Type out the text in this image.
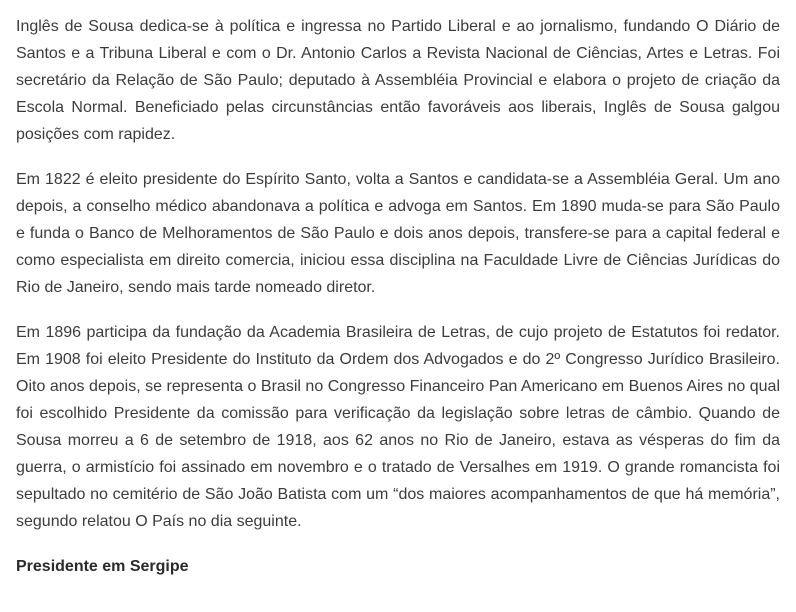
Inglês de Sousa dedica-se à política e ingressa no Partido Liberal e ao jornalismo, fundando O Diário de Santos e a Tribuna Liberal e com o Dr. Antonio Carlos a Revista Nacional de Ciências, Artes e Letras. Foi secretário da Relação de São Paulo; deputado à Assembléia Provincial e elabora o projeto de criação da Escola Normal. Beneficiado pelas circunstâncias então favoráveis aos liberais, Inglês de Sousa galgou posições com rapidez.

Em 1822 é eleito presidente do Espírito Santo, volta a Santos e candidata-se a Assembléia Geral. Um ano depois, a conselho médico abandonava a política e advoga em Santos. Em 1890 muda-se para São Paulo e funda o Banco de Melhoramentos de São Paulo e dois anos depois, transfere-se para a capital federal e como especialista em direito comercia, iniciou essa disciplina na Faculdade Livre de Ciências Jurídicas do Rio de Janeiro, sendo mais tarde nomeado diretor.

Em 1896 participa da fundação da Academia Brasileira de Letras, de cujo projeto de Estatutos foi redator. Em 1908 foi eleito Presidente do Instituto da Ordem dos Advogados e do 2º Congresso Jurídico Brasileiro. Oito anos depois, se representa o Brasil no Congresso Financeiro Pan Americano em Buenos Aires no qual foi escolhido Presidente da comissão para verificação da legislação sobre letras de câmbio. Quando de Sousa morreu a 6 de setembro de 1918, aos 62 anos no Rio de Janeiro, estava as vésperas do fim da guerra, o armistício foi assinado em novembro e o tratado de Versalhes em 1919. O grande romancista foi sepultado no cemitério de São João Batista com um “dos maiores acompanhamentos de que há memória”, segundo relatou O País no dia seguinte.

Presidente em Sergipe
